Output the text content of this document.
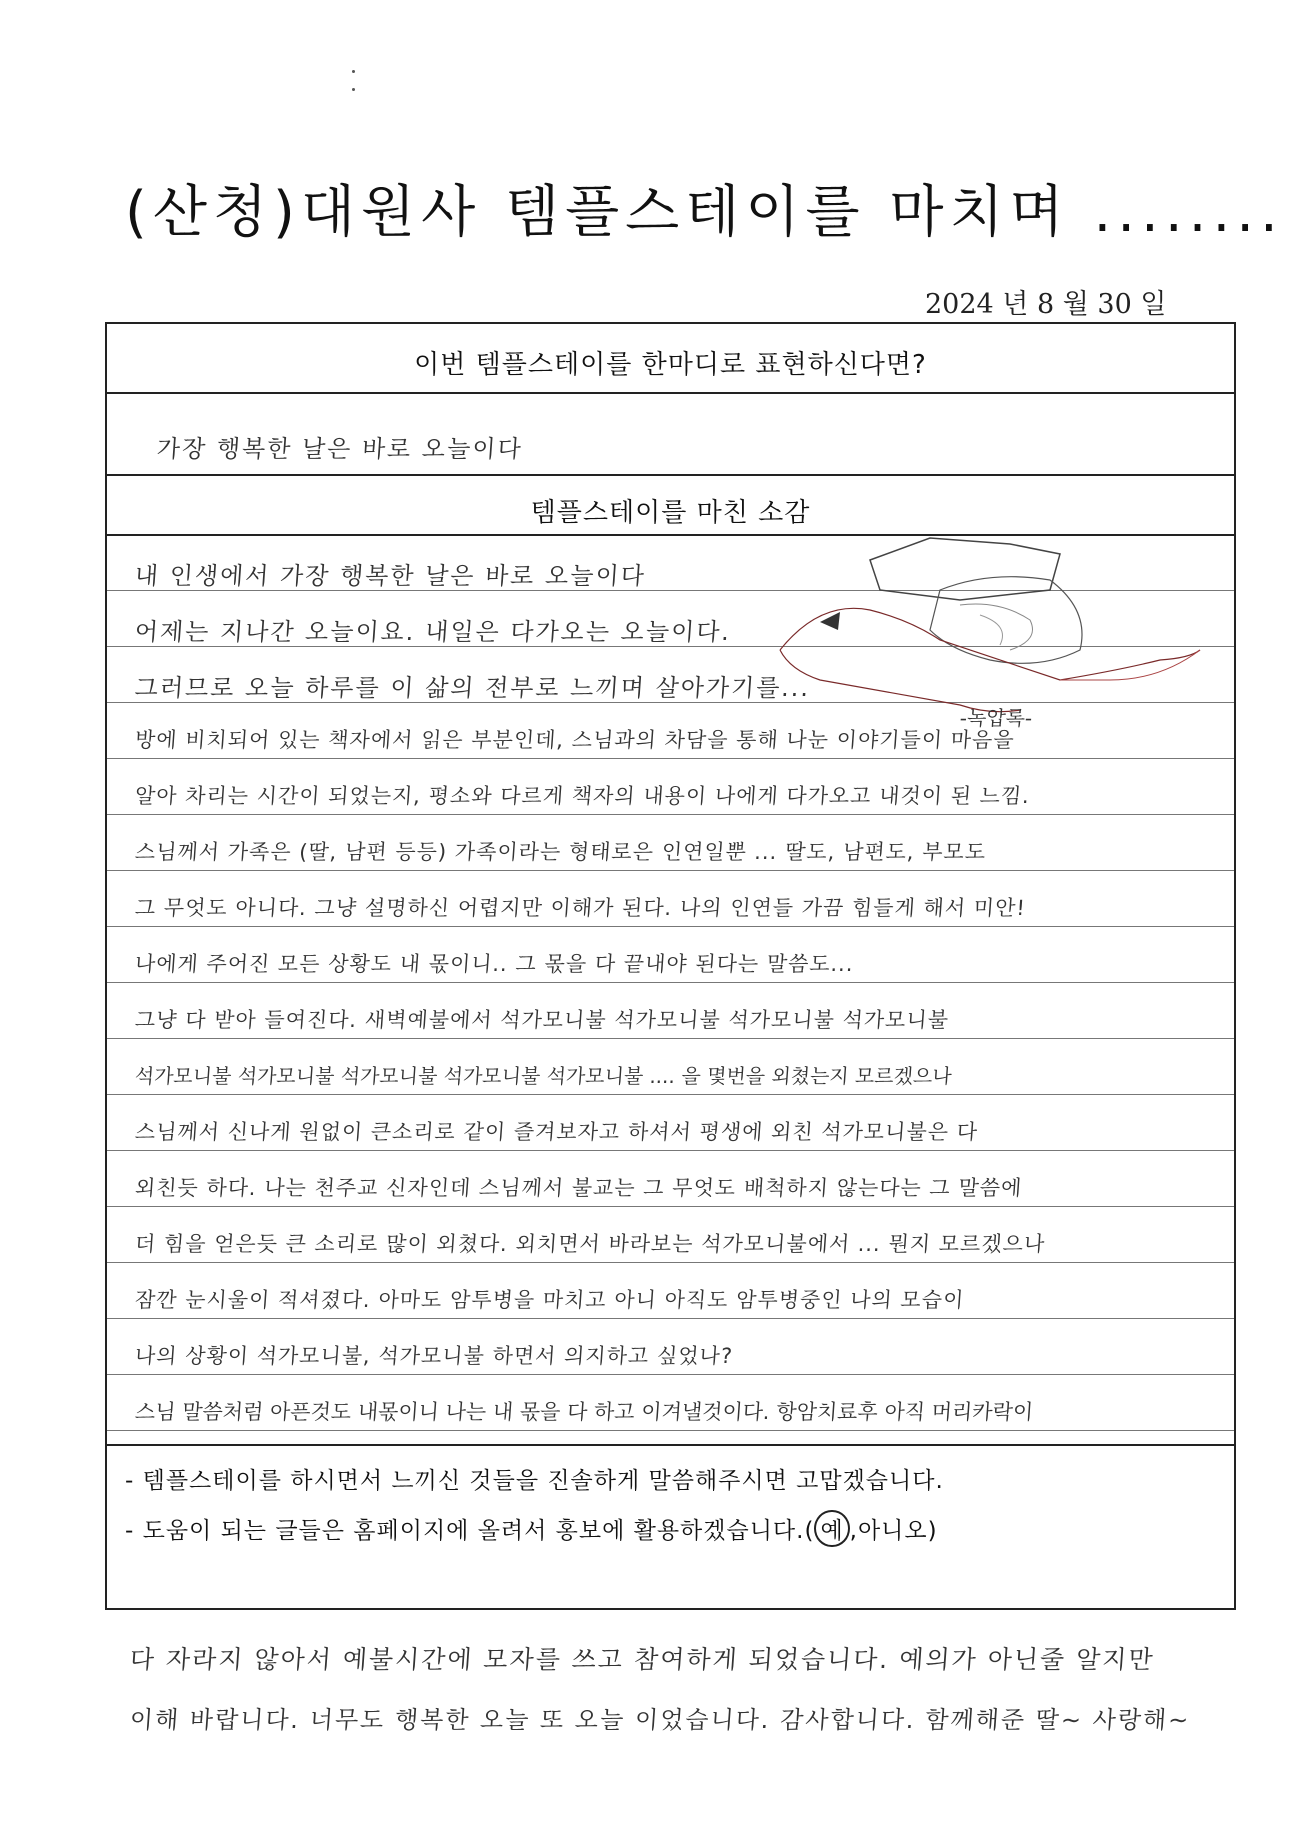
(산청)대원사 템플스테이를 마치며 ........
2024 년 8 월 30 일
이번 템플스테이를 한마디로 표현하신다면?
가장 행복한 날은 바로 오늘이다
템플스테이를 마친 소감
내 인생에서 가장 행복한 날은 바로 오늘이다
어제는 지나간 오늘이요. 내일은 다가오는 오늘이다.
그러므로 오늘 하루를 이 삶의 전부로 느끼며 살아가기를...
방에 비치되어 있는 책자에서 읽은 부분인데, 스님과의 차담을 통해 나눈 이야기들이 마음을
알아 차리는 시간이 되었는지, 평소와 다르게 책자의 내용이 나에게 다가오고 내것이 된 느낌.
스님께서 가족은 (딸, 남편 등등) 가족이라는 형태로은 인연일뿐 ... 딸도, 남편도, 부모도
그 무엇도 아니다. 그냥 설명하신 어렵지만 이해가 된다. 나의 인연들 가끔 힘들게 해서 미안!
나에게 주어진 모든 상황도 내 몫이니.. 그 몫을 다 끝내야 된다는 말씀도...
그냥 다 받아 들여진다. 새벽예불에서 석가모니불 석가모니불 석가모니불 석가모니불
석가모니불 석가모니불 석가모니불 석가모니불 석가모니불 .... 을 몇번을 외쳤는지 모르겠으나
스님께서 신나게 원없이 큰소리로 같이 즐겨보자고 하셔서 평생에 외친 석가모니불은 다
외친듯 하다. 나는 천주교 신자인데 스님께서 불교는 그 무엇도 배척하지 않는다는 그 말씀에
더 힘을 얻은듯 큰 소리로 많이 외쳤다. 외치면서 바라보는 석가모니불에서 ... 뭔지 모르겠으나
잠깐 눈시울이 적셔졌다. 아마도 암투병을 마치고 아니 아직도 암투병중인 나의 모습이
나의 상황이 석가모니불, 석가모니불 하면서 의지하고 싶었나?
스님 말씀처럼 아픈것도 내몫이니 나는 내 몫을 다 하고 이겨낼것이다. 항암치료후 아직 머리카락이
- 템플스테이를 하시면서 느끼신 것들을 진솔하게 말씀해주시면 고맙겠습니다.
- 도움이 되는 글들은 홈페이지에 올려서 홍보에 활용하겠습니다.( 예 ,아니오)
-녹압록-
다 자라지 않아서 예불시간에 모자를 쓰고 참여하게 되었습니다. 예의가 아닌줄 알지만
이해 바랍니다. 너무도 행복한 오늘 또 오늘 이었습니다. 감사합니다. 함께해준 딸~ 사랑해~
